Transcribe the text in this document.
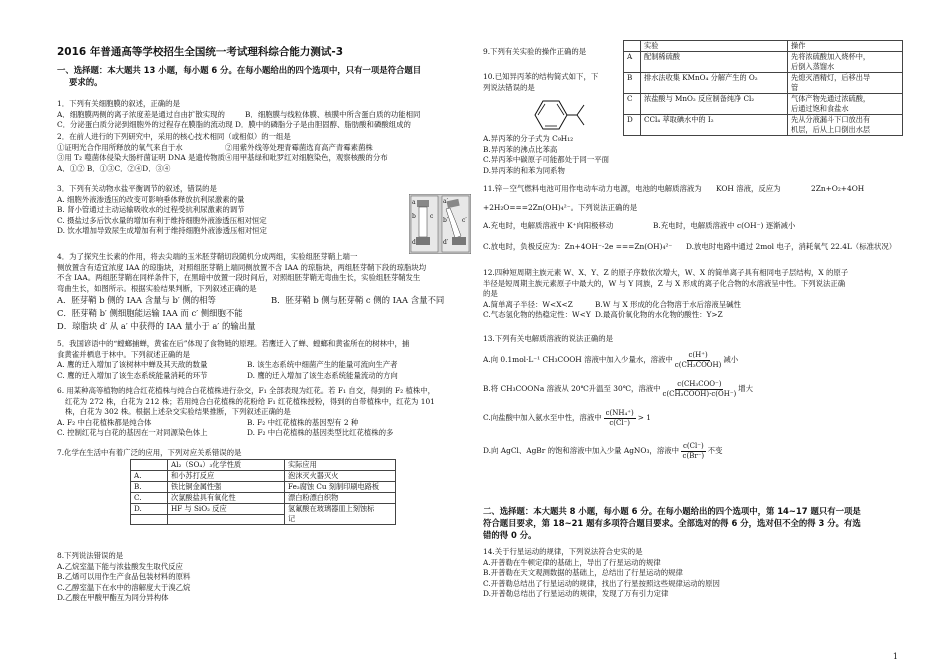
2016 年普通高等学校招生全国统一考试理科综合能力测试-3

一、选择题：本大题共 13 小题，每小题 6 分。在每小题给出的四个选项中，只有一项是符合题目

要求的。

1．下列有关细胞膜的叙述，正确的是

A．细胞膜两侧的离子浓度差是通过自由扩散实现的	B．细胞膜与线粒体膜、核膜中所含蛋白质的功能相同

C．分泌蛋白质分泌到细胞外的过程存在膜脂的流动现 D．膜中的磷脂分子是由胆固醇、脂肪酸和磷酸组成的

2．在前人进行的下列研究中，采用的核心技术相同（或相似）的一组是

①证明光合作用所释放的氧气来自于水	②用紫外线等处理青霉菌选育高产青霉素菌株
③用 T₂ 噬菌体侵染大肠杆菌证明 DNA 是遗传物质 ④用甲基绿和吡罗红对细胞染色，观察核酸的分布

A．①② B．①③C．②④D．③④

3．下列有关动物水盐平衡调节的叙述，错误的是

A. 细胞外液渗透压的改变可影响垂体释放抗利尿激素的量

B. 肾小管通过主动运输吸收水的过程受抗利尿激素的调节

C. 摄盐过多后饮水量的增加有利于维持细胞外液渗透压相对恒定

D. 饮水增加导致尿生成增加有利于维持细胞外液渗透压相对恒定

a
b c
d
a′
b′ c′
d′

4．为了探究生长素的作用，将去尖端的玉米胚芽鞘切段随机分成两组，实验组胚芽鞘上端一

侧放置含有适宜浓度 IAA 的琼脂块，对照组胚芽鞘上端同侧放置不含 IAA 的琼脂块，两组胚芽鞘下段的琼脂块均

不含 IAA。两组胚芽鞘在同样条件下，在黑暗中放置一段时间后，对照组胚芽鞘无弯曲生长，实验组胚芽鞘发生

弯曲生长，如图所示。根据实验结果判断，下列叙述正确的是

A．胚芽鞘 b 侧的 IAA 含量与 b′ 侧的相等	B．胚芽鞘 b 侧与胚芽鞘 c 侧的 IAA 含量不同

C．胚芽鞘 b′ 侧细胞能运输 IAA 而 c′ 侧细胞不能

D．琼脂块 d′ 从 a′ 中获得的 IAA 量小于 a′ 的输出量

5．我国谚语中的“螳螂捕蝉，黄雀在后”体现了食物链的原理。若鹰迁入了蝉、螳螂和黄雀所在的树林中，捕

食黄雀并栖息于林中。下列叙述正确的是

A. 鹰的迁入增加了该树林中蝉及其天敌的数量	B. 该生态系统中细菌产生的能量可流向生产者
C. 鹰的迁入增加了该生态系统能量消耗的环节	D. 鹰的迁入增加了该生态系统能量流动的方向

6. 用某种高等植物的纯合红花植株与纯合白花植株进行杂交，F₁ 全部表现为红花。若 F₁ 自交，得到的 F₂ 植株中，

红花为 272 株，白花为 212 株；若用纯合白花植株的花粉给 F₁ 红花植株授粉，得到的自带植株中，红花为 101

株，白花为 302 株。根据上述杂交实验结果推断，下列叙述正确的是

A. F₂ 中白花植株都是纯合体	B. F₂ 中红花植株的基因型有 2 种
C. 控制红花与白花的基因在一对同源染色体上	D. F₂ 中白花植株的基因类型比红花植株的多

7.化学在生活中有着广泛的应用，下列对应关系错误的是

	Al₂（SO₄）₃化学性质	实际应用
A.	和小苏打反应	泡沫灭火器灭火
B.	铁比铜金属性强	Fe₂腐蚀 Cu 刻制印刷电路板
C.	次氯酸盐具有氧化性	漂白粉漂白织物
D.	HF 与 SiO₂ 反应	氢氟酸在玻璃器皿上刻蚀标
		记

8.下列说法错误的是

A.乙烷室温下能与浓盐酸发生取代反应

B.乙烯可以用作生产食品包装材料的原料

C.乙醇室温下在水中的溶解度大于溴乙烷

D.乙酸在甲酸甲酯互为同分异构体

9.下列有关实验的操作正确的是

	实验	操作
A	配制稀硫酸	先将浓硫酸加入烧杯中，
后倒入蒸馏水

B	排水法收集 KMnO₄ 分解产生的 O₂	先熄灭酒精灯，后移出导
管

C	浓盐酸与 MnO₂ 反应制备纯净 Cl₂	气体产物先通过浓硫酸，
后通过饱和食盐水

D	CCl₄ 萃取碘水中的 I₂	先从分液漏斗下口放出有
机层，后从上口倒出水层

10.已知异丙苯的结构简式如下，下

列说法错误的是

A.异丙苯的分子式为 C₉H₁₂

B.异丙苯的沸点比苯高

C.异丙苯中碳原子可能都处于同一平面

D.异丙苯的和苯为同系物

11.锌－空气燃料电池可用作电动车动力电源，电池的电解质溶液为	KOH 溶液，反应为	2Zn+O₂+4OH

+2H₂O===2Zn(OH)₄²⁻。下列说法正确的是

A.充电时，电解质溶液中 K⁺向阳极移动	B.充电时，电解质溶液中 c(OH⁻) 逐渐减小
C.放电时，负极反应为：Zn+4OH⁻-2e ===Zn(OH)₄²⁻	D.放电时电路中通过 2mol 电子，消耗氧气 22.4L（标准状况）

12.四种短周期主族元素 W、X、Y、Z 的原子序数依次增大，W、X 的简单离子具有相同电子层结构，X 的原子

半径是短周期主族元素原子中最大的，W 与 Y 同族，Z 与 X 形成的离子化合物的水溶液呈中性。下列说法正确

的是

A.简单离子半径：W<X<Z	B.W 与 X 形成的化合物溶于水后溶液呈碱性
C.气态氢化物的热稳定性：W<Y D.最高价氧化物的水化物的酸性：Y>Z

13.下列有关电解质溶液的说法正确的是

A.向 0.1mol·L⁻¹ CH₃COOH 溶液中加入少量水，溶液中 $\frac{c(H^+)}{\text{c(CH₃COOH)}}$ 减小
B.将 CH₃COONa 溶液从 20℃升温至 30℃，溶液中 $\frac{\text{c(CH₃COO⁻)}}{\text{c(CH₃COOH)·c(OH⁻)}}$ 增大
C.向盐酸中加入氨水至中性，溶液中 $\frac{\text{c(NH₄⁺)}}{c(Cl^-)} > 1$
D.向 AgCl、AgBr 的饱和溶液中加入少量 AgNO₃，溶液中 $\frac{c(Cl^-)}{c(Br^-)}$ 不变

二、选择题：本大题共 8 小题，每小题 6 分。在每小题给出的四个选项中，第 14~17 题只有一项是

符合题目要求，第 18~21 题有多项符合题目要求。全部选对的得 6 分，选对但不全的得 3 分。有选

错的得 0 分。

14.关于行星运动的规律，下列说法符合史实的是

A.开普勒在牛顿定律的基础上，导出了行星运动的规律

B.开普勒在天文观测数据的基础上，总结出了行星运动的规律

C.开普勒总结出了行星运动的规律，找出了行星按照这些规律运动的原因

D.开普勒总结出了行星运动的规律，发现了万有引力定律

1
